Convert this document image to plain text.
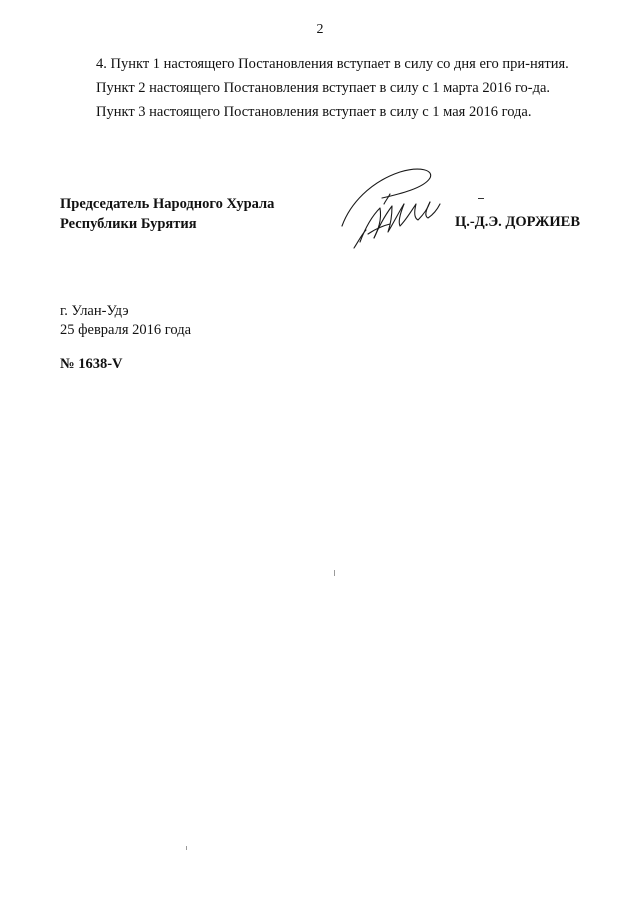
2

4. Пункт 1 настоящего Постановления вступает в силу со дня его при-нятия.

Пункт 2 настоящего Постановления вступает в силу с 1 марта 2016 го-да.

Пункт 3 настоящего Постановления вступает в силу с 1 мая 2016 года.

Председатель Народного Хурала
Республики Бурятия	Ц.-Д.Э. ДОРЖИЕВ
г. Улан-Удэ
25 февраля 2016 года
№ 1638-V
